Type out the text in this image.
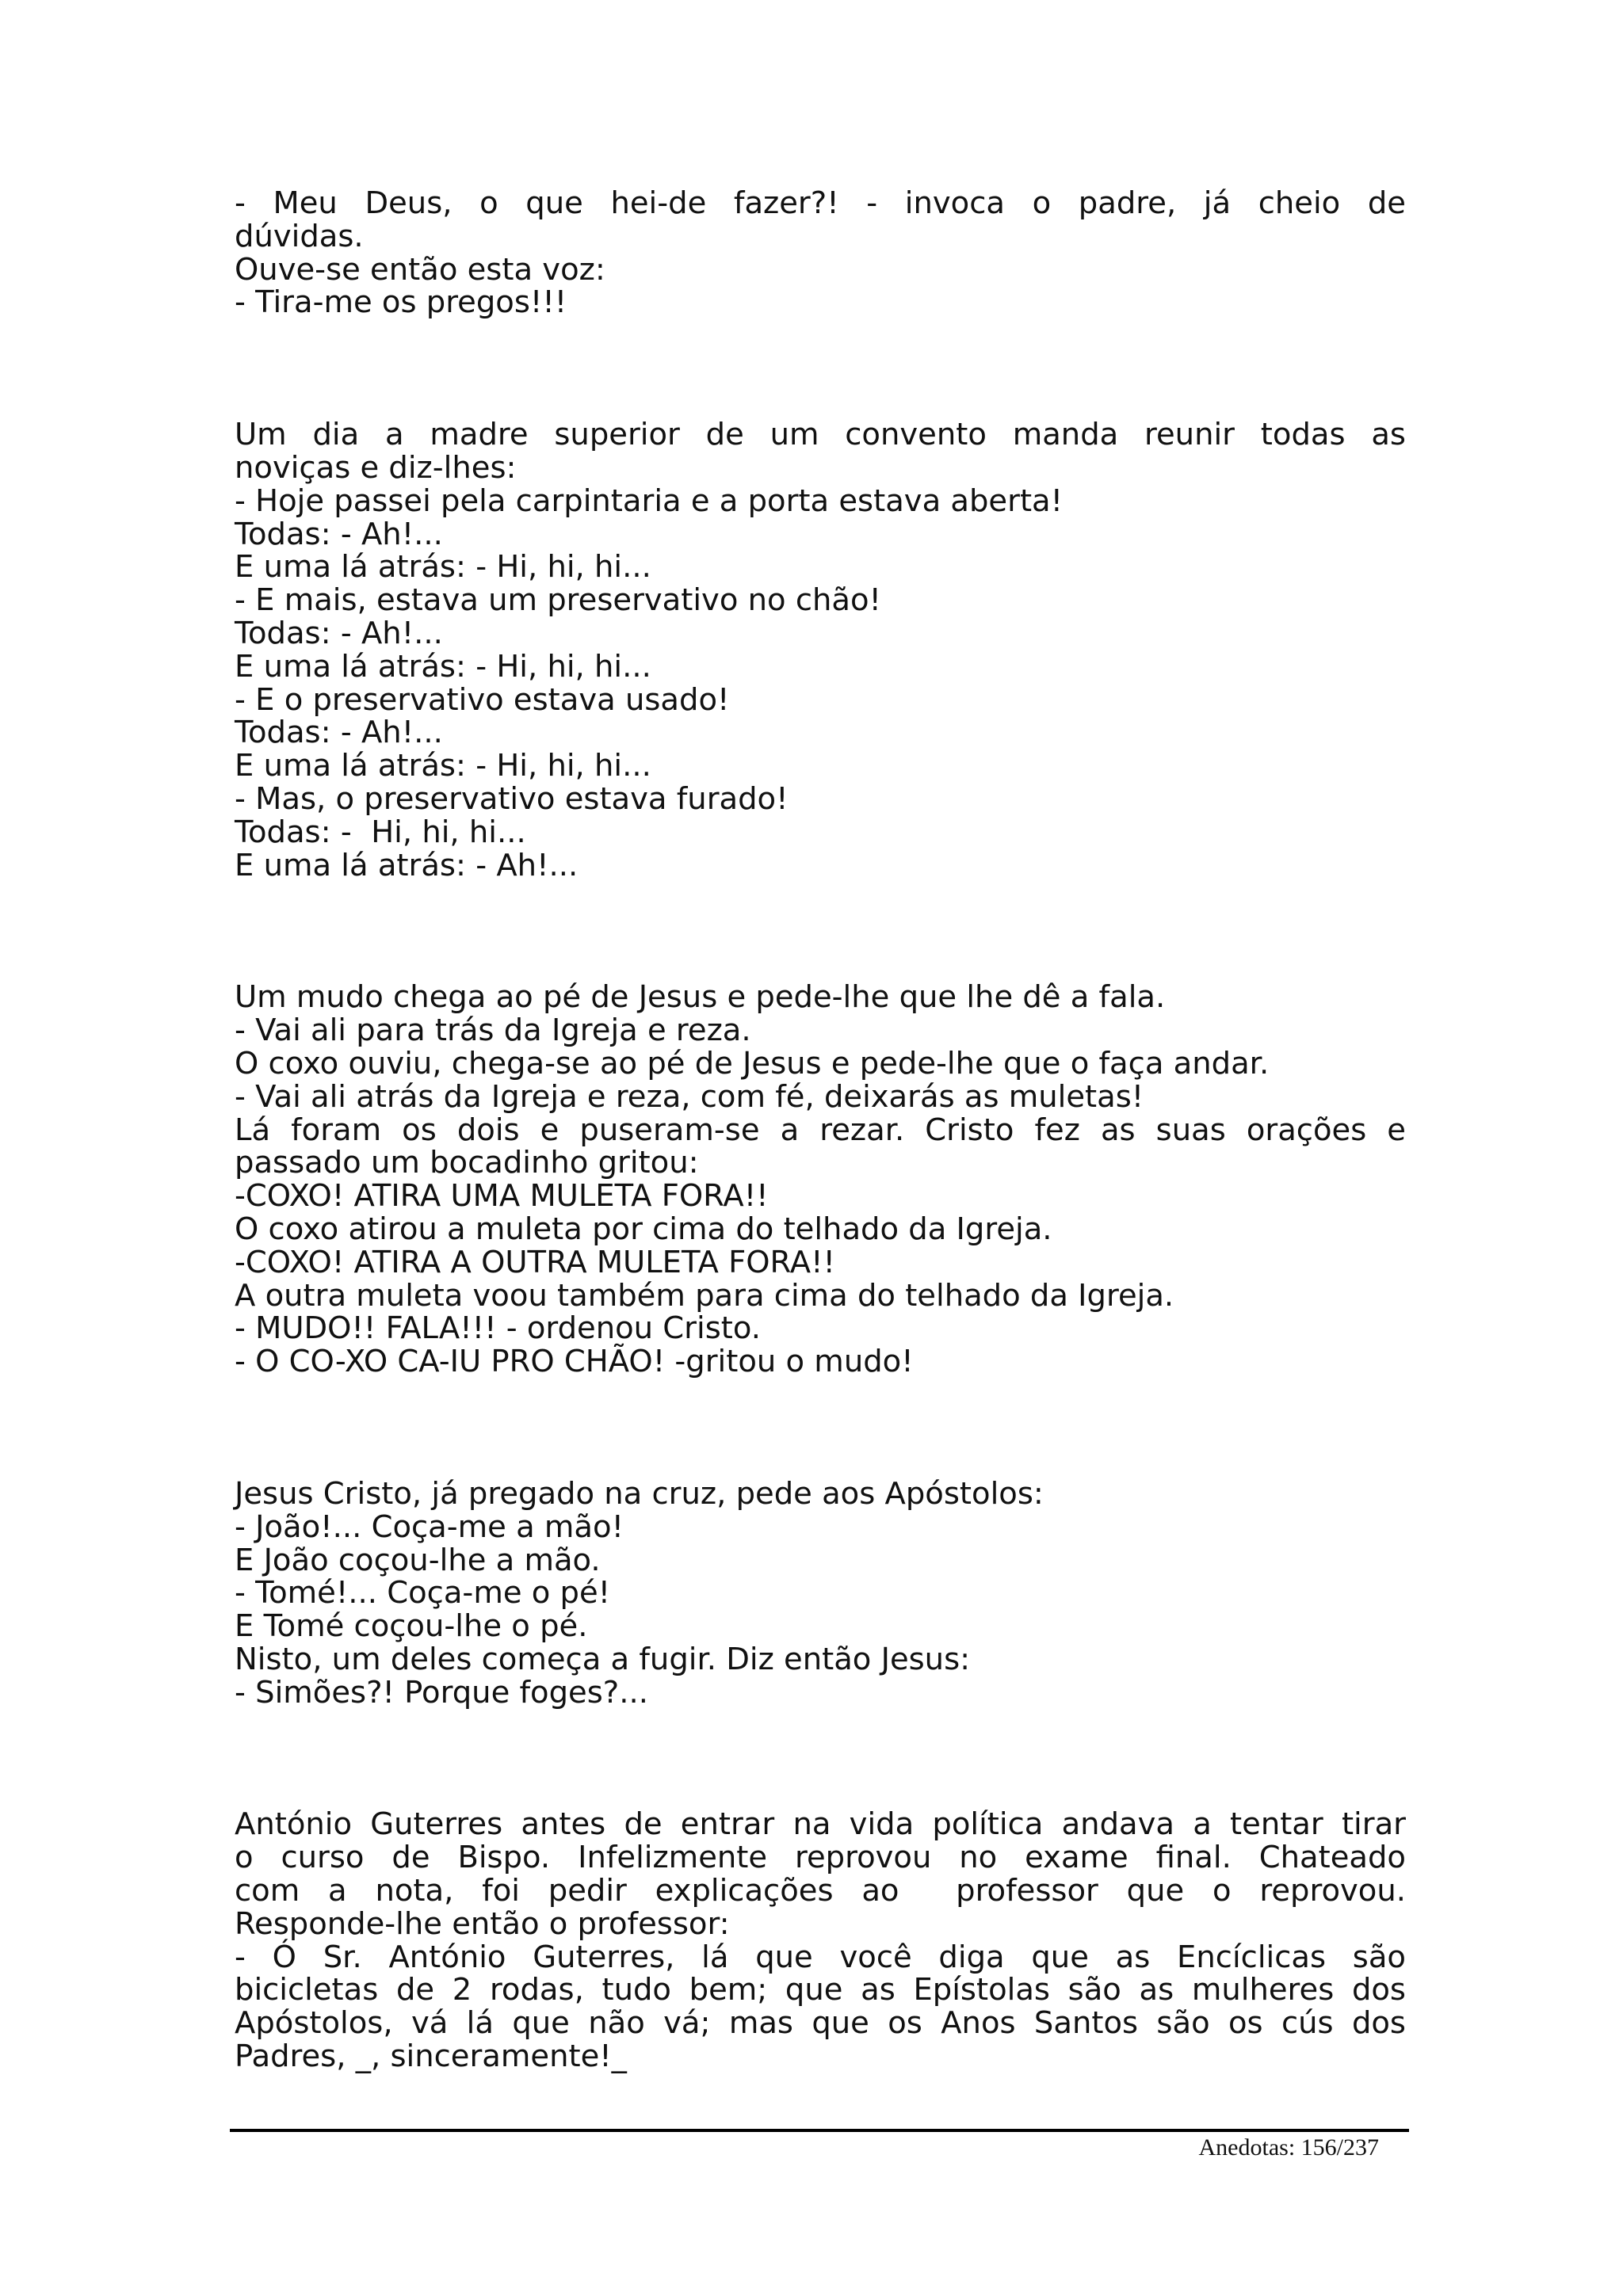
- Meu Deus, o que hei-de fazer?! - invoca o padre, já cheio de
dúvidas.
Ouve-se então esta voz:
- Tira-me os pregos!!!
Um dia a madre superior de um convento manda reunir todas as
noviças e diz-lhes:
- Hoje passei pela carpintaria e a porta estava aberta!
Todas: - Ah!...
E uma lá atrás: - Hi, hi, hi...
- E mais, estava um preservativo no chão!
Todas: - Ah!...
E uma lá atrás: - Hi, hi, hi...
- E o preservativo estava usado!
Todas: - Ah!...
E uma lá atrás: - Hi, hi, hi...
- Mas, o preservativo estava furado!
Todas: -  Hi, hi, hi...
E uma lá atrás: - Ah!...
Um mudo chega ao pé de Jesus e pede-lhe que lhe dê a fala.
- Vai ali para trás da Igreja e reza.
O coxo ouviu, chega-se ao pé de Jesus e pede-lhe que o faça andar.
- Vai ali atrás da Igreja e reza, com fé, deixarás as muletas!
Lá foram os dois e puseram-se a rezar. Cristo fez as suas orações e
passado um bocadinho gritou:
-COXO! ATIRA UMA MULETA FORA!!
O coxo atirou a muleta por cima do telhado da Igreja.
-COXO! ATIRA A OUTRA MULETA FORA!!
A outra muleta voou também para cima do telhado da Igreja.
- MUDO!! FALA!!! - ordenou Cristo.
- O CO-XO CA-IU PRO CHÃO! -gritou o mudo!
Jesus Cristo, já pregado na cruz, pede aos Apóstolos:
- João!... Coça-me a mão!
E João coçou-lhe a mão.
- Tomé!... Coça-me o pé!
E Tomé coçou-lhe o pé.
Nisto, um deles começa a fugir. Diz então Jesus:
- Simões?! Porque foges?...
António Guterres antes de entrar na vida política andava a tentar tirar
o curso de Bispo. Infelizmente reprovou no exame final. Chateado
com a nota, foi pedir explicações ao  professor que o reprovou.
Responde-lhe então o professor:
- Ó Sr. António Guterres, lá que você diga que as Encíclicas são
bicicletas de 2 rodas, tudo bem; que as Epístolas são as mulheres dos
Apóstolos, vá lá que não vá; mas que os Anos Santos são os cús dos
Padres, _, sinceramente!_
Anedotas: 156/237
